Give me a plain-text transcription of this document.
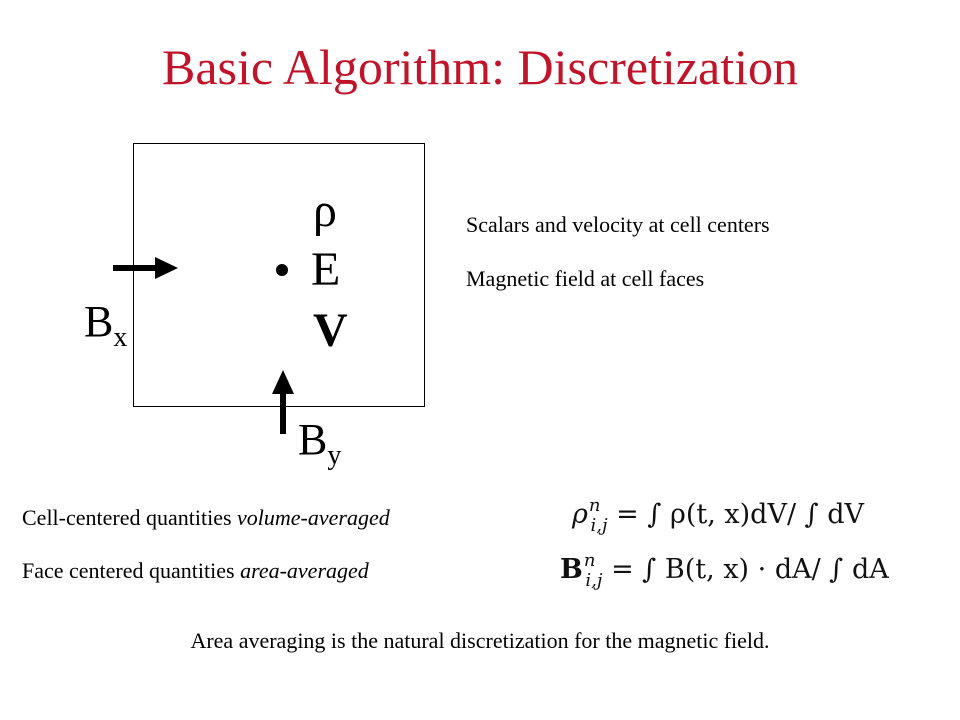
Basic Algorithm: Discretization
ρ
E
V
$B_x$
$B_y$
Scalars and velocity at cell centers
Magnetic field at cell faces
Cell-centered quantities volume-averaged
Face centered quantities area-averaged
$\rho^n_{i,j}$ = ∫ ρ(t, x)dV/ ∫ dV
$B^n_{i,j}$ = ∫ B(t, x) · dA/ ∫ dA
Area averaging is the natural discretization for the magnetic field.
